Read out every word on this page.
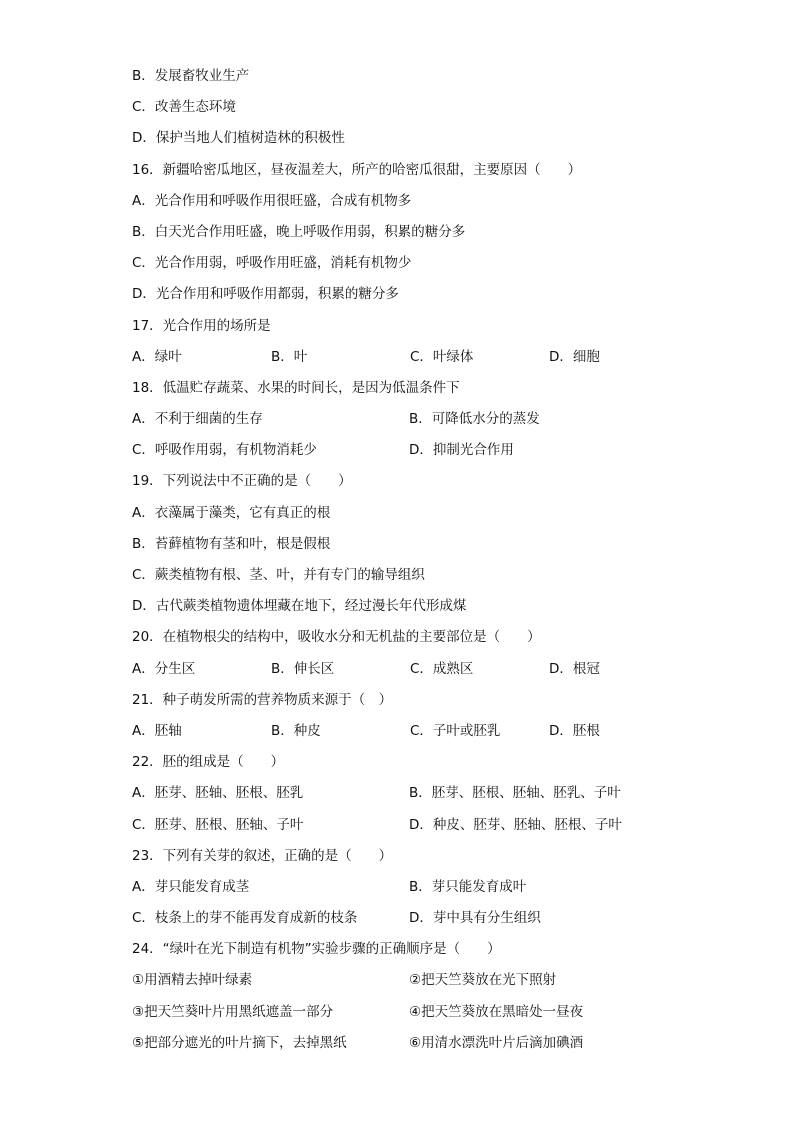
B．发展畜牧业生产
C．改善生态环境
D．保护当地人们植树造林的积极性
16．新疆哈密瓜地区，昼夜温差大，所产的哈密瓜很甜，主要原因（　　）
A．光合作用和呼吸作用很旺盛，合成有机物多
B．白天光合作用旺盛，晚上呼吸作用弱，积累的糖分多
C．光合作用弱，呼吸作用旺盛，消耗有机物少
D．光合作用和呼吸作用都弱，积累的糖分多
17．光合作用的场所是
A．绿叶	B．叶	C．叶绿体	D．细胞
18．低温贮存蔬菜、水果的时间长，是因为低温条件下
A．不利于细菌的生存	B．可降低水分的蒸发
C．呼吸作用弱，有机物消耗少	D．抑制光合作用
19．下列说法中不正确的是（　　）
A．衣藻属于藻类，它有真正的根
B．苔藓植物有茎和叶，根是假根
C．蕨类植物有根、茎、叶，并有专门的输导组织
D．古代蕨类植物遗体埋藏在地下，经过漫长年代形成煤
20．在植物根尖的结构中，吸收水分和无机盐的主要部位是（　　）
A．分生区	B．伸长区	C．成熟区	D．根冠
21．种子萌发所需的营养物质来源于（　）
A．胚轴	B．种皮	C．子叶或胚乳	D．胚根
22．胚的组成是（　　）
A．胚芽、胚轴、胚根、胚乳	B．胚芽、胚根、胚轴、胚乳、子叶
C．胚芽、胚根、胚轴、子叶	D．种皮、胚芽、胚轴、胚根、子叶
23．下列有关芽的叙述，正确的是（　　）
A．芽只能发育成茎	B．芽只能发育成叶
C．枝条上的芽不能再发育成新的枝条	D．芽中具有分生组织
24．“绿叶在光下制造有机物”实验步骤的正确顺序是（　　）
①用酒精去掉叶绿素	②把天竺葵放在光下照射
③把天竺葵叶片用黑纸遮盖一部分	④把天竺葵放在黑暗处一昼夜
⑤把部分遮光的叶片摘下，去掉黑纸	⑥用清水漂洗叶片后滴加碘酒
